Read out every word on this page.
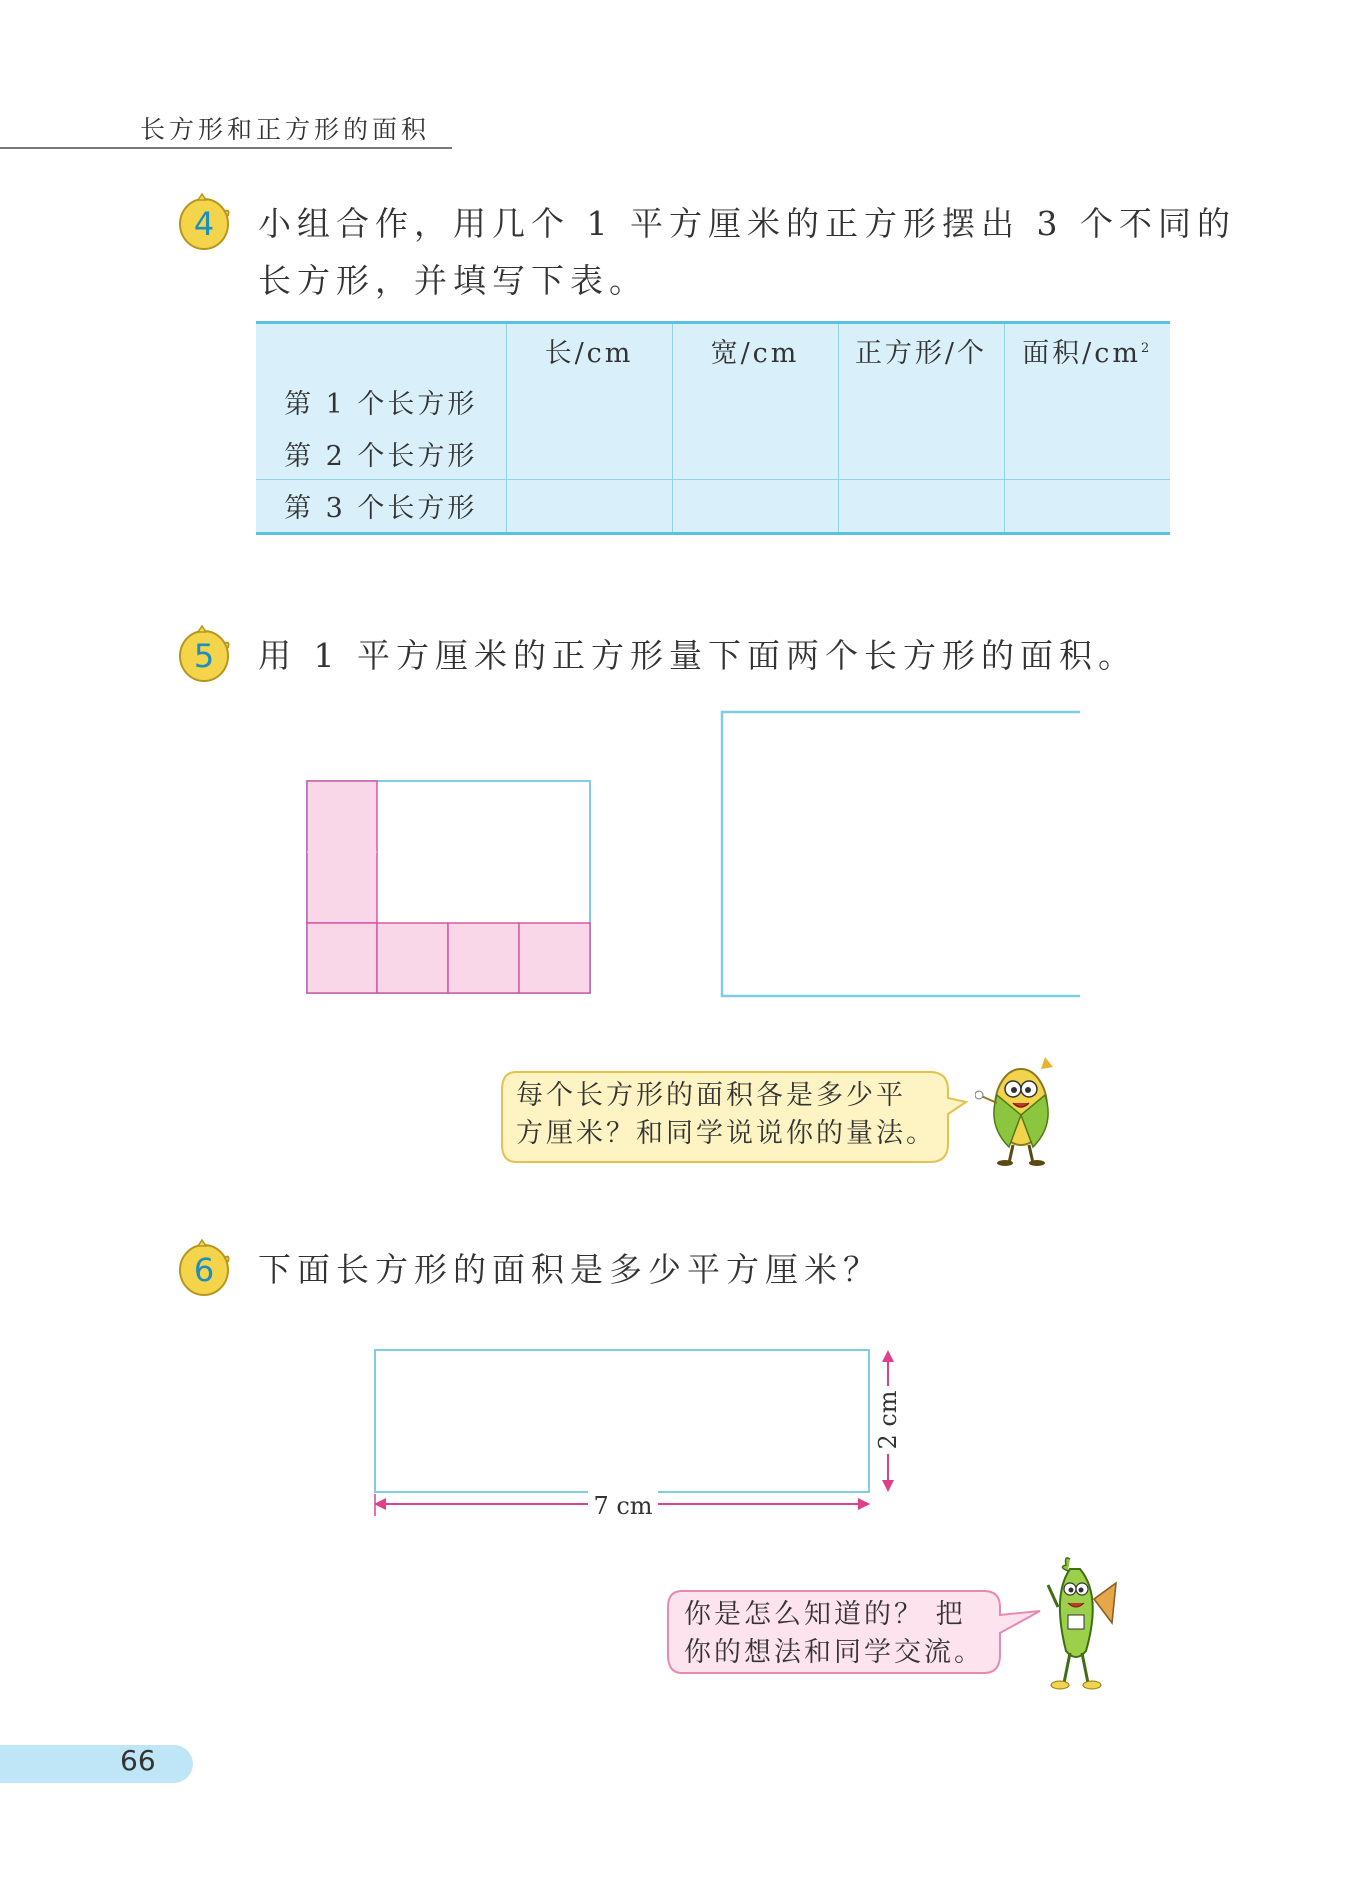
长方形和正方形的面积
4 小组合作，用几个 1 平方厘米的正方形摆出 3 个不同的
长方形，并填写下表。
	长/cm	宽/cm	正方形/个	面积$/cm^2$
第 1 个长方形				
第 2 个长方形				
第 3 个长方形				
5 用 1 平方厘米的正方形量下面两个长方形的面积。
每个长方形的面积各是多少平
方厘米？和同学说说你的量法。
6 下面长方形的面积是多少平方厘米？
7 cm
2 cm
你是怎么知道的？ 把
你的想法和同学交流。
66
